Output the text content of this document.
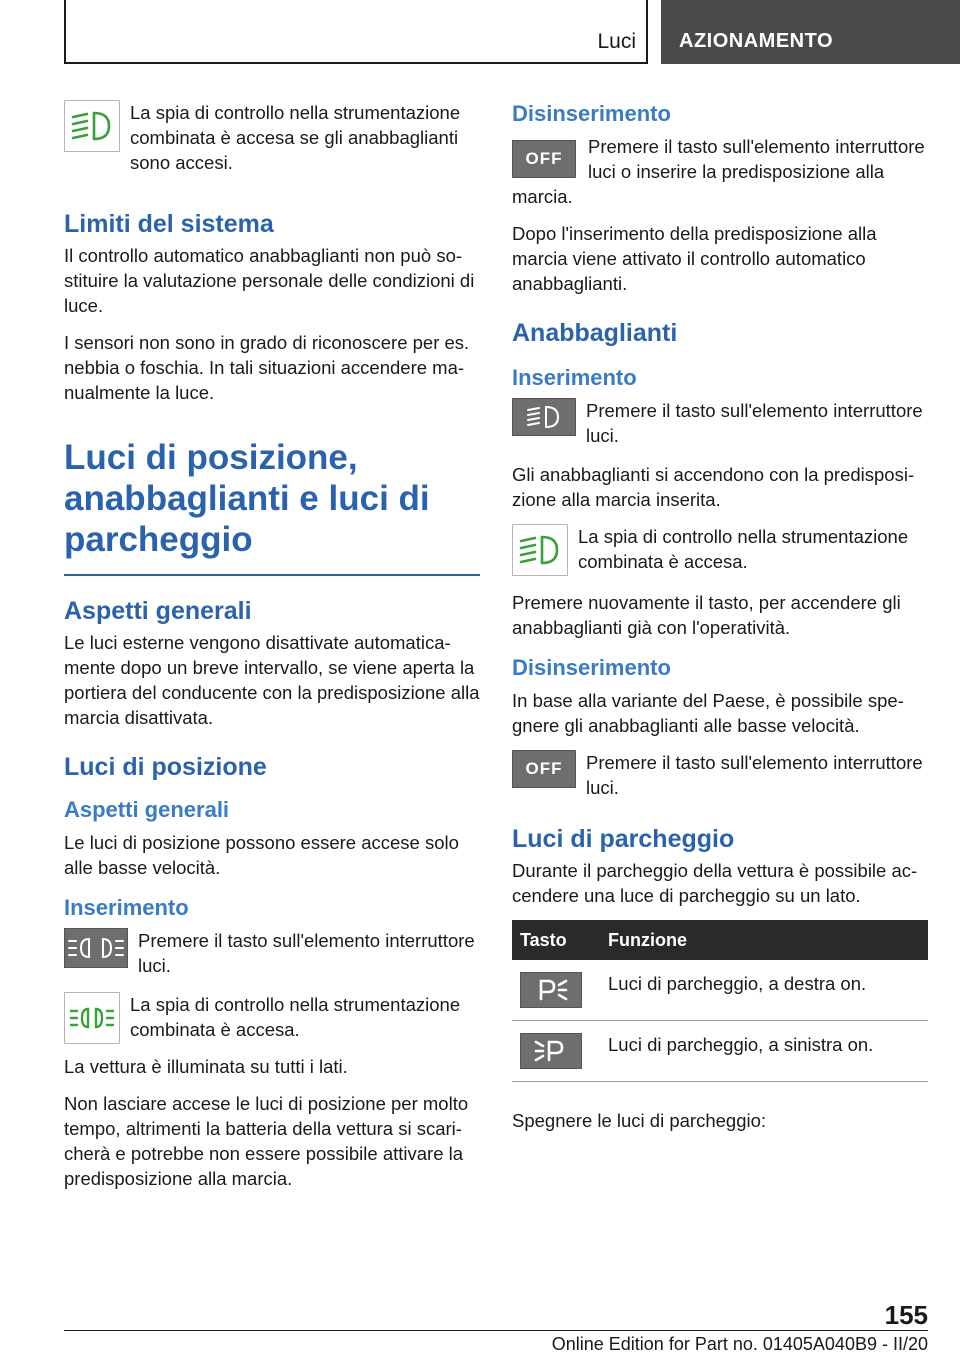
Luci	AZIONAMENTO

La spia di controllo nella strumentazione combinata è accesa se gli anabbaglianti sono accesi.

Limiti del sistema

Il controllo automatico anabbaglianti non può sostituire la valutazione personale delle condizioni di luce.

I sensori non sono in grado di riconoscere per es. nebbia o foschia. In tali situazioni accendere manualmente la luce.

Luci di posizione, anabbaglianti e luci di parcheggio
Aspetti generali

Le luci esterne vengono disattivate automaticamente dopo un breve intervallo, se viene aperta la portiera del conducente con la predisposizione alla marcia disattivata.

Luci di posizione
Aspetti generali

Le luci di posizione possono essere accese solo alle basse velocità.

Inserimento

Premere il tasto sull'elemento interruttore luci.

La spia di controllo nella strumentazione combinata è accesa.

La vettura è illuminata su tutti i lati.

Non lasciare accese le luci di posizione per molto tempo, altrimenti la batteria della vettura si scaricherà e potrebbe non essere possibile attivare la predisposizione alla marcia.

Disinserimento
OFF

Premere il tasto sull'elemento interruttore luci o inserire la predisposizione alla marcia.

Dopo l'inserimento della predisposizione alla marcia viene attivato il controllo automatico anabbaglianti.

Anabbaglianti
Inserimento

Premere il tasto sull'elemento interruttore luci.

Gli anabbaglianti si accendono con la predisposizione alla marcia inserita.

La spia di controllo nella strumentazione combinata è accesa.

Premere nuovamente il tasto, per accendere gli anabbaglianti già con l'operatività.

Disinserimento

In base alla variante del Paese, è possibile spegnere gli anabbaglianti alle basse velocità.

OFF Premere il tasto sull'elemento interruttore luci.

Luci di parcheggio

Durante il parcheggio della vettura è possibile accendere una luce di parcheggio su un lato.

Tasto	Funzione

	Luci di parcheggio, a destra on.

	Luci di parcheggio, a sinistra on.

Spegnere le luci di parcheggio:

155
Online Edition for Part no. 01405A040B9 - II/20
